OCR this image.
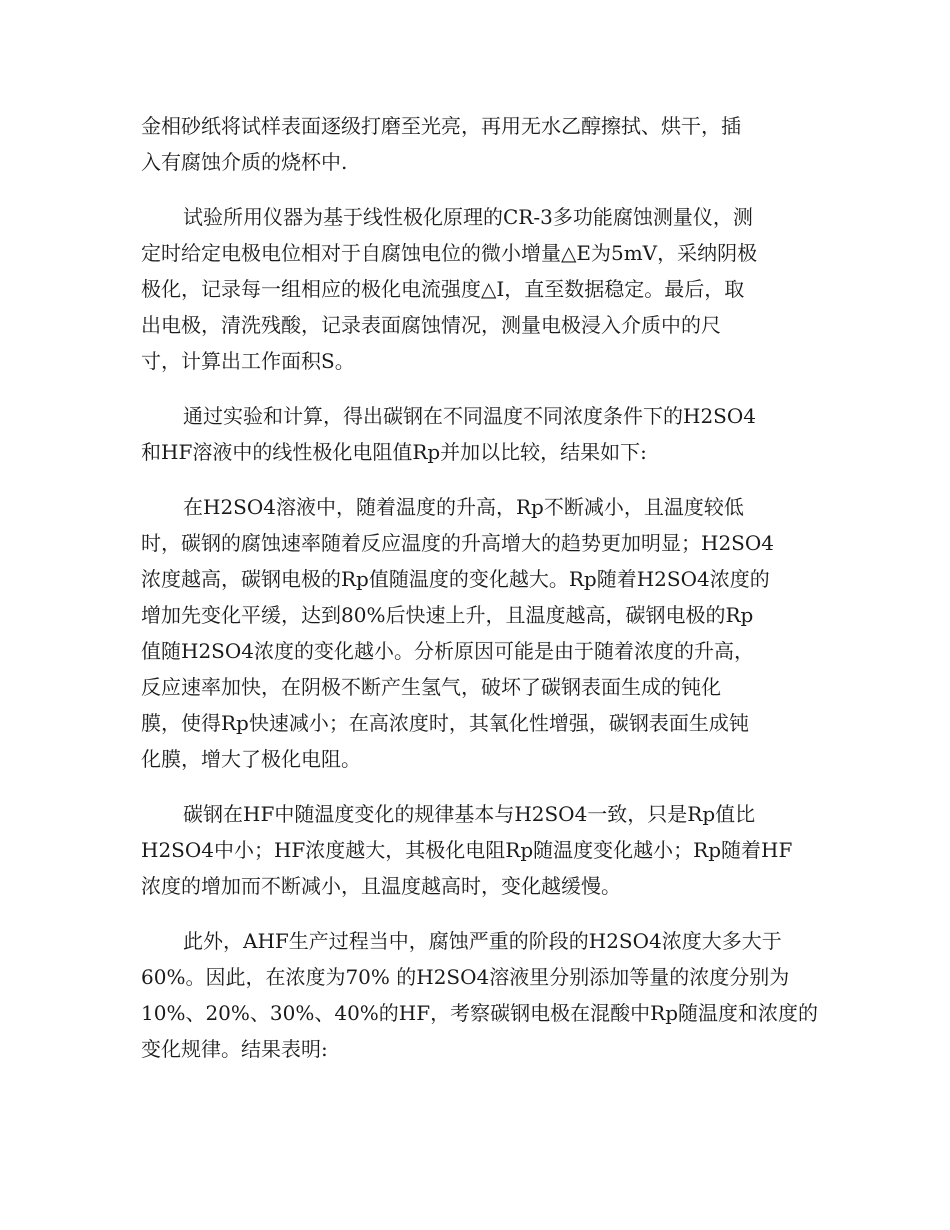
金相砂纸将试样表面逐级打磨至光亮，再用无水乙醇擦拭、烘干，插
入有腐蚀介质的烧杯中.

试验所用仪器为基于线性极化原理的CR-3多功能腐蚀测量仪，测
定时给定电极电位相对于自腐蚀电位的微小增量△E为5mV，采纳阴极
极化，记录每一组相应的极化电流强度△I，直至数据稳定。最后，取
出电极，清洗残酸，记录表面腐蚀情况，测量电极浸入介质中的尺
寸，计算出工作面积S。

通过实验和计算，得出碳钢在不同温度不同浓度条件下的H2SO4
和HF溶液中的线性极化电阻值Rp并加以比较，结果如下:

在H2SO4溶液中，随着温度的升高，Rp不断减小，且温度较低
时，碳钢的腐蚀速率随着反应温度的升高增大的趋势更加明显；H2SO4
浓度越高，碳钢电极的Rp值随温度的变化越大。Rp随着H2SO4浓度的
增加先变化平缓，达到80%后快速上升，且温度越高，碳钢电极的Rp
值随H2SO4浓度的变化越小。分析原因可能是由于随着浓度的升高，
反应速率加快，在阴极不断产生氢气，破坏了碳钢表面生成的钝化
膜，使得Rp快速减小；在高浓度时，其氧化性增强，碳钢表面生成钝
化膜，增大了极化电阻。

碳钢在HF中随温度变化的规律基本与H2SO4一致，只是Rp值比
H2SO4中小；HF浓度越大，其极化电阻Rp随温度变化越小；Rp随着HF
浓度的增加而不断减小，且温度越高时，变化越缓慢。

此外，AHF生产过程当中，腐蚀严重的阶段的H2SO4浓度大多大于
60%。因此，在浓度为70% 的H2SO4溶液里分别添加等量的浓度分别为
10%、20%、30%、40%的HF，考察碳钢电极在混酸中Rp随温度和浓度的
变化规律。结果表明:
